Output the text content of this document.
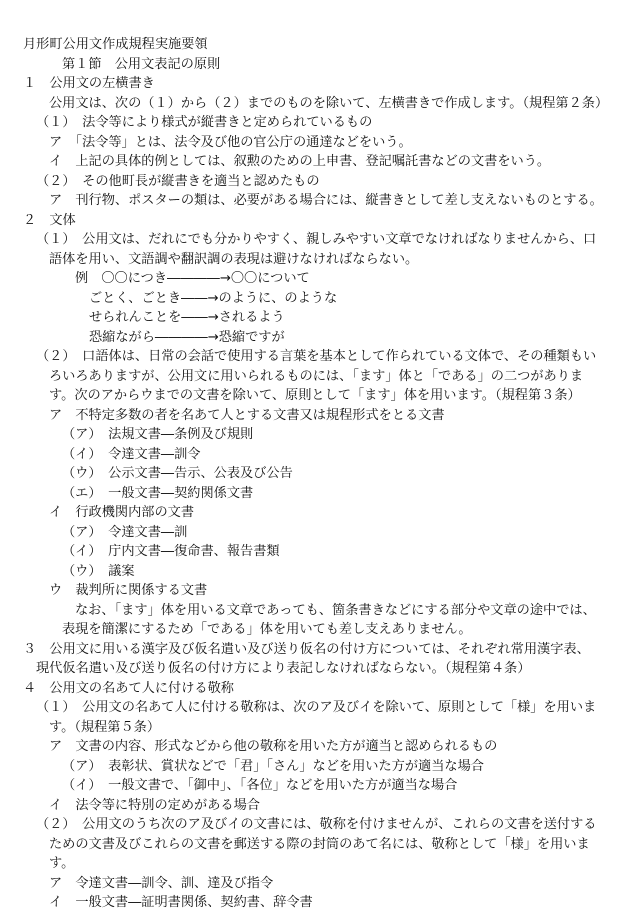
月形町公用文作成規程実施要領
第１節　公用文表記の原則
１　公用文の左横書き
公用文は、次の（１）から（２）までのものを除いて、左横書きで作成します。（規程第２条）
（１）　法令等により様式が縦書きと定められているもの
ア　「法令等」とは、法令及び他の官公庁の通達などをいう。
イ　上記の具体的例としては、叙勲のための上申書、登記嘱託書などの文書をいう。
（２）　その他町長が縦書きを適当と認めたもの
ア　刊行物、ポスターの類は、必要がある場合には、縦書きとして差し支えないものとする。
２　文体
（１）　公用文は、だれにでも分かりやすく、親しみやすい文章でなければなりませんから、口
語体を用い、文語調や翻訳調の表現は避けなければならない。
例　〇〇につき――――→〇〇について
ごとく、ごとき――→のように、のような
せられんことを――→されるよう
恐縮ながら――――→恐縮ですが
（２）　口語体は、日常の会話で使用する言葉を基本として作られている文体で、その種類もい
ろいろありますが、公用文に用いられるものには、「ます」体と「である」の二つがありま
す。次のアからウまでの文書を除いて、原則として「ます」体を用います。（規程第３条）
ア　不特定多数の者を名あて人とする文書又は規程形式をとる文書
（ア）　法規文書―条例及び規則
（イ）　令達文書―訓令
（ウ）　公示文書―告示、公表及び公告
（エ）　一般文書―契約関係文書
イ　行政機関内部の文書
（ア）　令達文書―訓
（イ）　庁内文書―復命書、報告書類
（ウ）　議案
ウ　裁判所に関係する文書
なお、「ます」体を用いる文章であっても、箇条書きなどにする部分や文章の途中では、
表現を簡潔にするため「である」体を用いても差し支えありません。
３　公用文に用いる漢字及び仮名遣い及び送り仮名の付け方については、それぞれ常用漢字表、
現代仮名遣い及び送り仮名の付け方により表記しなければならない。（規程第４条）
４　公用文の名あて人に付ける敬称
（１）　公用文の名あて人に付ける敬称は、次のア及びイを除いて、原則として「様」を用いま
す。（規程第５条）
ア　文書の内容、形式などから他の敬称を用いた方が適当と認められるもの
（ア）　表彰状、賞状などで「君」「さん」などを用いた方が適当な場合
（イ）　一般文書で、「御中」、「各位」などを用いた方が適当な場合
イ　法令等に特別の定めがある場合
（２）　公用文のうち次のア及びイの文書には、敬称を付けませんが、これらの文書を送付する
ための文書及びこれらの文書を郵送する際の封筒のあて名には、敬称として「様」を用いま
す。
ア　令達文書―訓令、訓、達及び指令
イ　一般文書―証明書関係、契約書、辞令書
